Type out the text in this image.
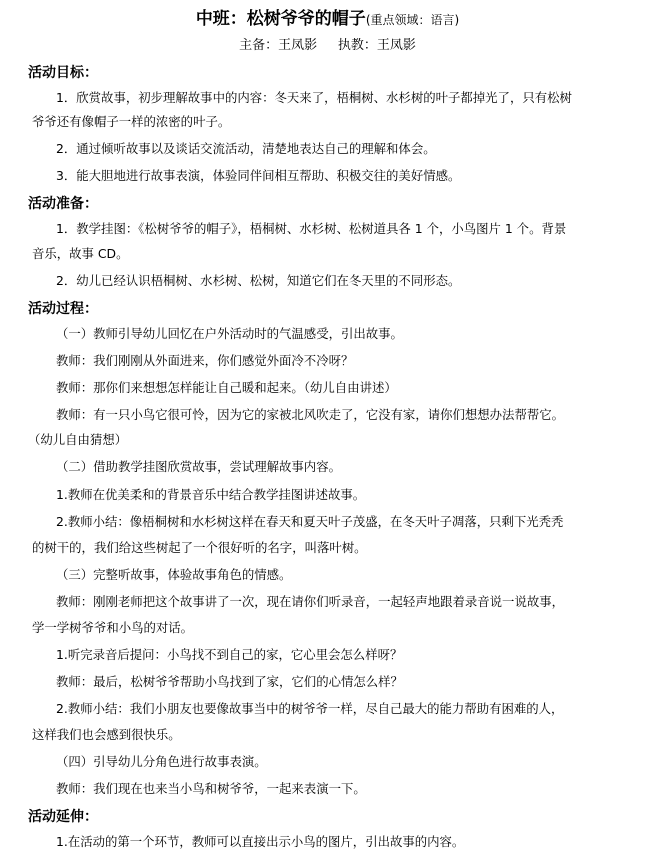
中班：松树爷爷的帽子(重点领域：语言)
主备：王凤影     执教：王凤影
活动目标：
1．欣赏故事，初步理解故事中的内容：冬天来了，梧桐树、水杉树的叶子都掉光了，只有松树
爷爷还有像帽子一样的浓密的叶子。
2．通过倾听故事以及谈话交流活动，清楚地表达自己的理解和体会。
3．能大胆地进行故事表演，体验同伴间相互帮助、积极交往的美好情感。
活动准备：
1．教学挂图：《松树爷爷的帽子》，梧桐树、水杉树、松树道具各 1 个，小鸟图片 1 个。背景
音乐，故事 CD。
2．幼儿已经认识梧桐树、水杉树、松树，知道它们在冬天里的不同形态。
活动过程：
（一）教师引导幼儿回忆在户外活动时的气温感受，引出故事。
教师：我们刚刚从外面进来，你们感觉外面冷不冷呀？
教师：那你们来想想怎样能让自己暖和起来。（幼儿自由讲述）
教师：有一只小鸟它很可怜，因为它的家被北风吹走了，它没有家，请你们想想办法帮帮它。
（幼儿自由猜想）
（二）借助教学挂图欣赏故事，尝试理解故事内容。
1.教师在优美柔和的背景音乐中结合教学挂图讲述故事。
2.教师小结：像梧桐树和水杉树这样在春天和夏天叶子茂盛，在冬天叶子凋落，只剩下光秃秃
的树干的，我们给这些树起了一个很好听的名字，叫落叶树。
（三）完整听故事，体验故事角色的情感。
教师：刚刚老师把这个故事讲了一次，现在请你们听录音，一起轻声地跟着录音说一说故事，
学一学树爷爷和小鸟的对话。
1.听完录音后提问：小鸟找不到自己的家，它心里会怎么样呀？
教师：最后，松树爷爷帮助小鸟找到了家，它们的心情怎么样？
2.教师小结：我们小朋友也要像故事当中的树爷爷一样，尽自己最大的能力帮助有困难的人，
这样我们也会感到很快乐。
（四）引导幼儿分角色进行故事表演。
教师：我们现在也来当小鸟和树爷爷，一起来表演一下。
活动延伸：
1.在活动的第一个环节，教师可以直接出示小鸟的图片，引出故事的内容。
